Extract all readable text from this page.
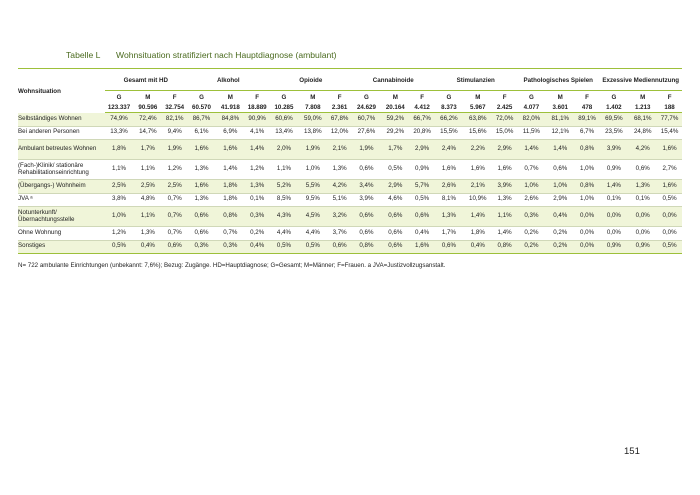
Tabelle L Wohnsituation stratifiziert nach Hauptdiagnose (ambulant)
Wohnsituation	Gesamt mit HD			Alkohol			Opioide			Cannabinoide			Stimulanzien			Pathologisches Spielen			Exzessive Mediennutzung		
	G	M	F	G	M	F	G	M	F	G	M	F	G	M	F	G	M	F	G	M	F
	123.337	90.596	32.754	60.570	41.918	18.889	10.285	7.808	2.361	24.629	20.164	4.412	8.373	5.967	2.425	4.077	3.601	478	1.402	1.213	188
Selbständiges Wohnen	74,9%	72,4%	82,1%	86,7%	84,8%	90,9%	60,6%	59,0%	67,8%	60,7%	59,2%	66,7%	66,2%	63,8%	72,0%	82,0%	81,1%	89,1%	69,5%	68,1%	77,7%
Bei anderen Personen	13,3%	14,7%	9,4%	6,1%	6,9%	4,1%	13,4%	13,8%	12,0%	27,6%	29,2%	20,8%	15,5%	15,6%	15,0%	11,5%	12,1%	6,7%	23,5%	24,8%	15,4%
Ambulant betreutes Wohnen	1,8%	1,7%	1,9%	1,6%	1,6%	1,4%	2,0%	1,9%	2,1%	1,9%	1,7%	2,9%	2,4%	2,2%	2,9%	1,4%	1,4%	0,8%	3,9%	4,2%	1,6%
(Fach-)Klinik/ stationäre Rehabilitationseinrichtung	1,1%	1,1%	1,2%	1,3%	1,4%	1,2%	1,1%	1,0%	1,3%	0,6%	0,5%	0,9%	1,6%	1,6%	1,6%	0,7%	0,6%	1,0%	0,9%	0,6%	2,7%
(Übergangs-) Wohnheim	2,5%	2,5%	2,5%	1,6%	1,8%	1,3%	5,2%	5,5%	4,2%	3,4%	2,9%	5,7%	2,6%	2,1%	3,9%	1,0%	1,0%	0,8%	1,4%	1,3%	1,6%
JVA ᵃ	3,8%	4,8%	0,7%	1,3%	1,8%	0,1%	8,5%	9,5%	5,1%	3,9%	4,6%	0,5%	8,1%	10,9%	1,3%	2,6%	2,9%	1,0%	0,1%	0,1%	0,5%
Notunterkunft/ Übernachtungsstelle	1,0%	1,1%	0,7%	0,6%	0,8%	0,3%	4,3%	4,5%	3,2%	0,6%	0,6%	0,6%	1,3%	1,4%	1,1%	0,3%	0,4%	0,0%	0,0%	0,0%	0,0%
Ohne Wohnung	1,2%	1,3%	0,7%	0,6%	0,7%	0,2%	4,4%	4,4%	3,7%	0,6%	0,6%	0,4%	1,7%	1,8%	1,4%	0,2%	0,2%	0,0%	0,0%	0,0%	0,0%
Sonstiges	0,5%	0,4%	0,6%	0,3%	0,3%	0,4%	0,5%	0,5%	0,6%	0,8%	0,6%	1,6%	0,6%	0,4%	0,8%	0,2%	0,2%	0,0%	0,9%	0,9%	0,5%
N= 722 ambulante Einrichtungen (unbekannt: 7,6%); Bezug: Zugänge. HD=Hauptdiagnose; G=Gesamt; M=Männer; F=Frauen. a JVA=Justizvollzugsanstalt.
151
